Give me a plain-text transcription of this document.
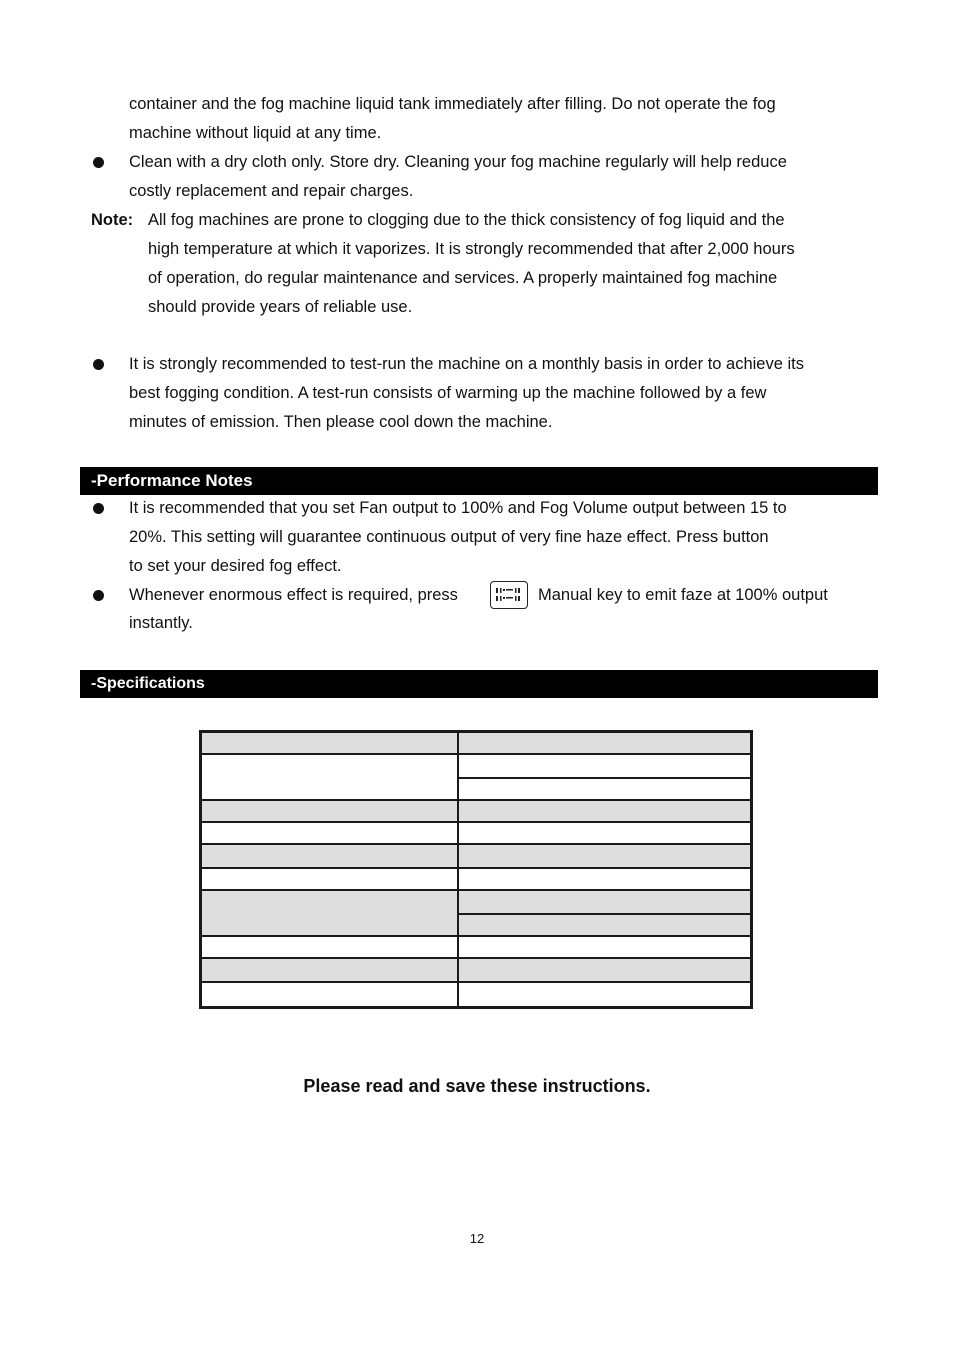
container and the fog machine liquid tank immediately after filling. Do not operate the fog
machine without liquid at any time.
Clean with a dry cloth only. Store dry. Cleaning your fog machine regularly will help reduce
costly replacement and repair charges.
Note: All fog machines are prone to clogging due to the thick consistency of fog liquid and the
high temperature at which it vaporizes. It is strongly recommended that after 2,000 hours
of operation, do regular maintenance and services. A properly maintained fog machine
should provide years of reliable use.
It is strongly recommended to test-run the machine on a monthly basis in order to achieve its
best fogging condition. A test-run consists of warming up the machine followed by a few
minutes of emission. Then please cool down the machine.
-Performance Notes
It is recommended that you set Fan output to 100% and Fog Volume output between 15 to
20%. This setting will guarantee continuous output of very fine haze effect. Press button
to set your desired fog effect.
Whenever enormous effect is required, press	Manual key to emit faze at 100% output
instantly.
-Specifications
Please read and save these instructions.
12
